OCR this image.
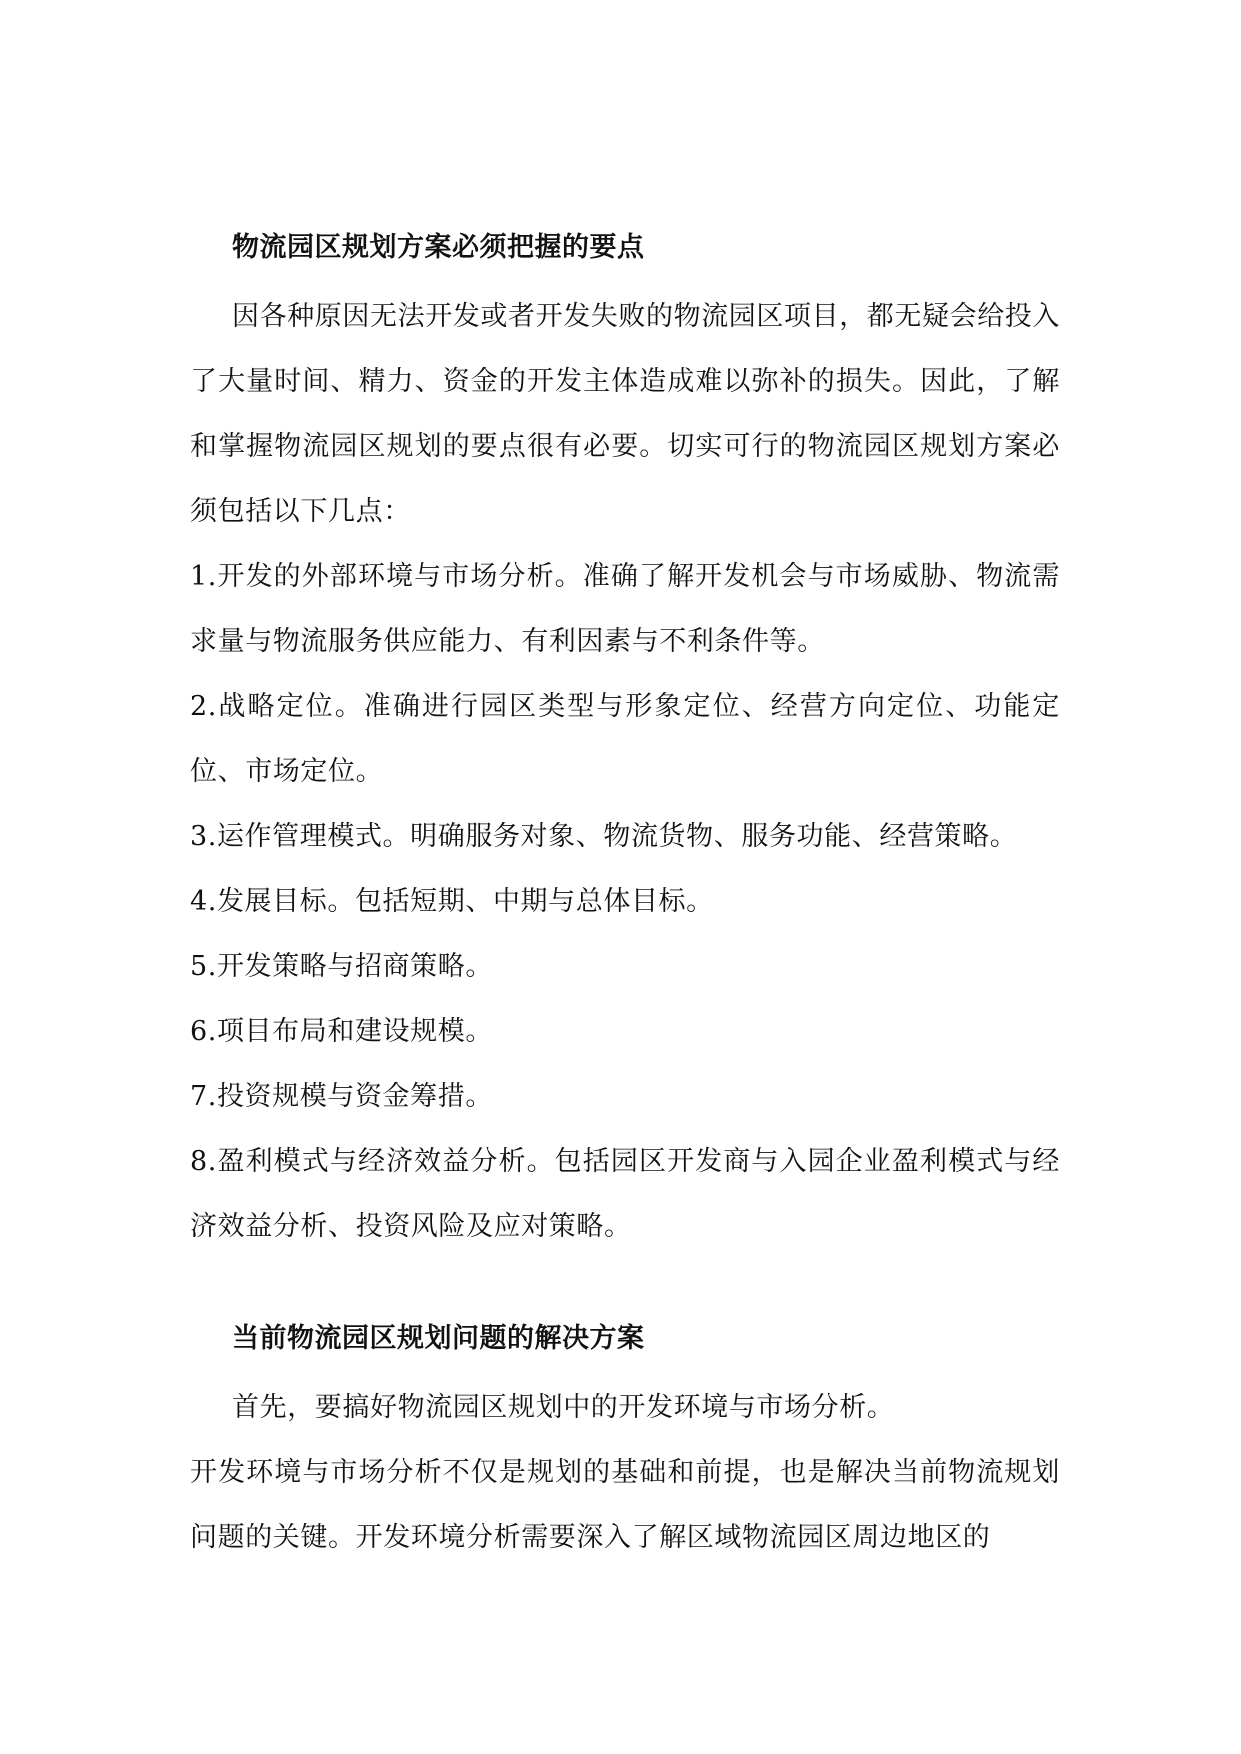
物流园区规划方案必须把握的要点

因各种原因无法开发或者开发失败的物流园区项目，都无疑会给投入了大量时间、精力、资金的开发主体造成难以弥补的损失。因此，了解和掌握物流园区规划的要点很有必要。切实可行的物流园区规划方案必须包括以下几点：

1.开发的外部环境与市场分析。准确了解开发机会与市场威胁、物流需求量与物流服务供应能力、有利因素与不利条件等。

2.战略定位。准确进行园区类型与形象定位、经营方向定位、功能定位、市场定位。

3.运作管理模式。明确服务对象、物流货物、服务功能、经营策略。

4.发展目标。包括短期、中期与总体目标。

5.开发策略与招商策略。

6.项目布局和建设规模。

7.投资规模与资金筹措。

8.盈利模式与经济效益分析。包括园区开发商与入园企业盈利模式与经济效益分析、投资风险及应对策略。

当前物流园区规划问题的解决方案

首先，要搞好物流园区规划中的开发环境与市场分析。

开发环境与市场分析不仅是规划的基础和前提，也是解决当前物流规划问题的关键。开发环境分析需要深入了解区域物流园区周边地区的
